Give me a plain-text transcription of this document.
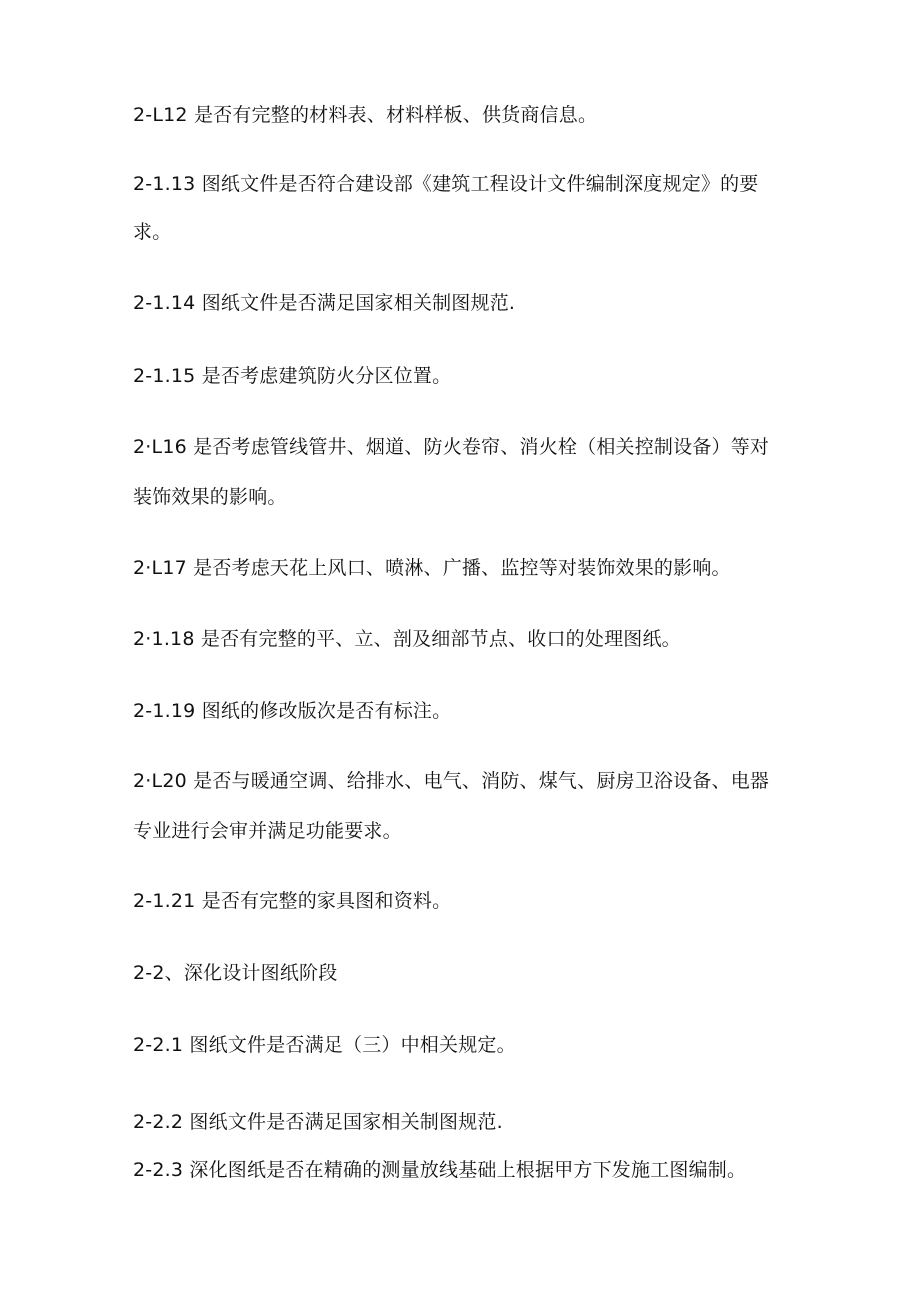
2-L12 是否有完整的材料表、材料样板、供货商信息。
2-1.13 图纸文件是否符合建设部《建筑工程设计文件编制深度规定》的要
求。
2-1.14 图纸文件是否满足国家相关制图规范.
2-1.15 是否考虑建筑防火分区位置。
2·L16 是否考虑管线管井、烟道、防火卷帘、消火栓（相关控制设备）等对
装饰效果的影响。
2·L17 是否考虑天花上风口、喷淋、广播、监控等对装饰效果的影响。
2·1.18 是否有完整的平、立、剖及细部节点、收口的处理图纸。
2-1.19 图纸的修改版次是否有标注。
2·L20 是否与暖通空调、给排水、电气、消防、煤气、厨房卫浴设备、电器
专业进行会审并满足功能要求。
2-1.21 是否有完整的家具图和资料。
2-2、深化设计图纸阶段
2-2.1 图纸文件是否满足（三）中相关规定。
2-2.2 图纸文件是否满足国家相关制图规范.
2-2.3 深化图纸是否在精确的测量放线基础上根据甲方下发施工图编制。
